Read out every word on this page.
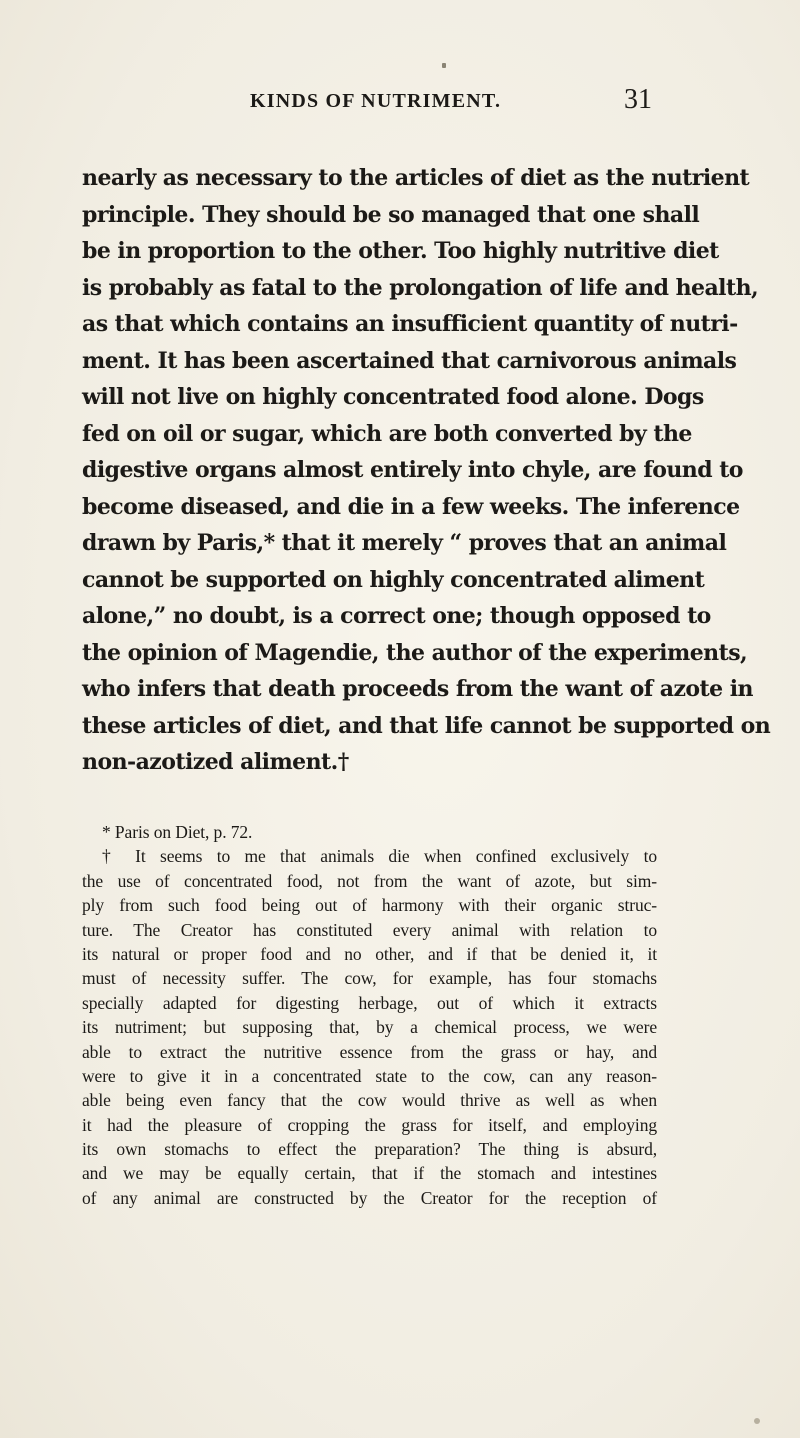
KINDS OF NUTRIMENT.	31
nearly as necessary to the articles of diet as the nutrient
principle. They should be so managed that one shall
be in proportion to the other. Too highly nutritive diet
is probably as fatal to the prolongation of life and health,
as that which contains an insufficient quantity of nutri-
ment. It has been ascertained that carnivorous animals
will not live on highly concentrated food alone. Dogs
fed on oil or sugar, which are both converted by the
digestive organs almost entirely into chyle, are found to
become diseased, and die in a few weeks. The inference
drawn by Paris,* that it merely “ proves that an animal
cannot be supported on highly concentrated aliment
alone,” no doubt, is a correct one; though opposed to
the opinion of Magendie, the author of the experiments,
who infers that death proceeds from the want of azote in
these articles of diet, and that life cannot be supported on
non-azotized aliment.†
* Paris on Diet, p. 72.
† It seems to me that animals die when confined exclusively to
the use of concentrated food, not from the want of azote, but sim-
ply from such food being out of harmony with their organic struc-
ture. The Creator has constituted every animal with relation to
its natural or proper food and no other, and if that be denied it, it
must of necessity suffer. The cow, for example, has four stomachs
specially adapted for digesting herbage, out of which it extracts
its nutriment; but supposing that, by a chemical process, we were
able to extract the nutritive essence from the grass or hay, and
were to give it in a concentrated state to the cow, can any reason-
able being even fancy that the cow would thrive as well as when
it had the pleasure of cropping the grass for itself, and employing
its own stomachs to effect the preparation? The thing is absurd,
and we may be equally certain, that if the stomach and intestines
of any animal are constructed by the Creator for the reception of
